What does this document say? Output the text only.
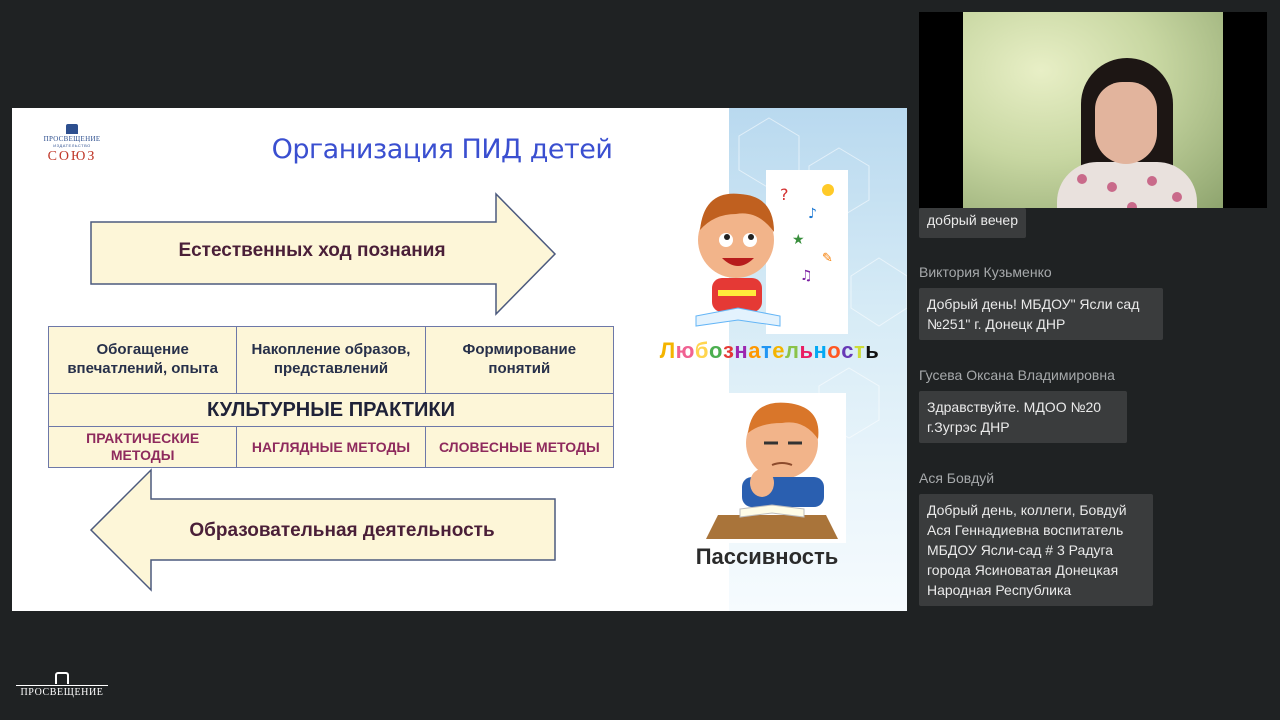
ПРОСВЕЩЕНИЕ
ИЗДАТЕЛЬСТВО
СОЮЗ	Организация ПИД детей
Естественных ход познания
Образовательная деятельность
Обогащение впечатлений, опыта
Накопление образов, представлений
Формирование понятий
КУЛЬТУРНЫЕ ПРАКТИКИ
ПРАКТИЧЕСКИЕ МЕТОДЫ
НАГЛЯДНЫЕ МЕТОДЫ	СЛОВЕСНЫЕ МЕТОДЫ
?
♪
★
✎
♫
Любознательность
Пассивность
добрый вечер
Виктория Кузьменко
Добрый день! МБДОУ" Ясли сад №251" г. Донецк ДНР
Гусева Оксана Владимировна
Здравствуйте. МДОО №20 г.Зугрэс ДНР
Ася Бовдуй
Добрый день, коллеги, Бовдуй Ася Геннадиевна воспитатель МБДОУ Ясли-сад # 3 Радуга города Ясиноватая Донецкая Народная Республика
ПРОСВЕЩЕНИЕ
